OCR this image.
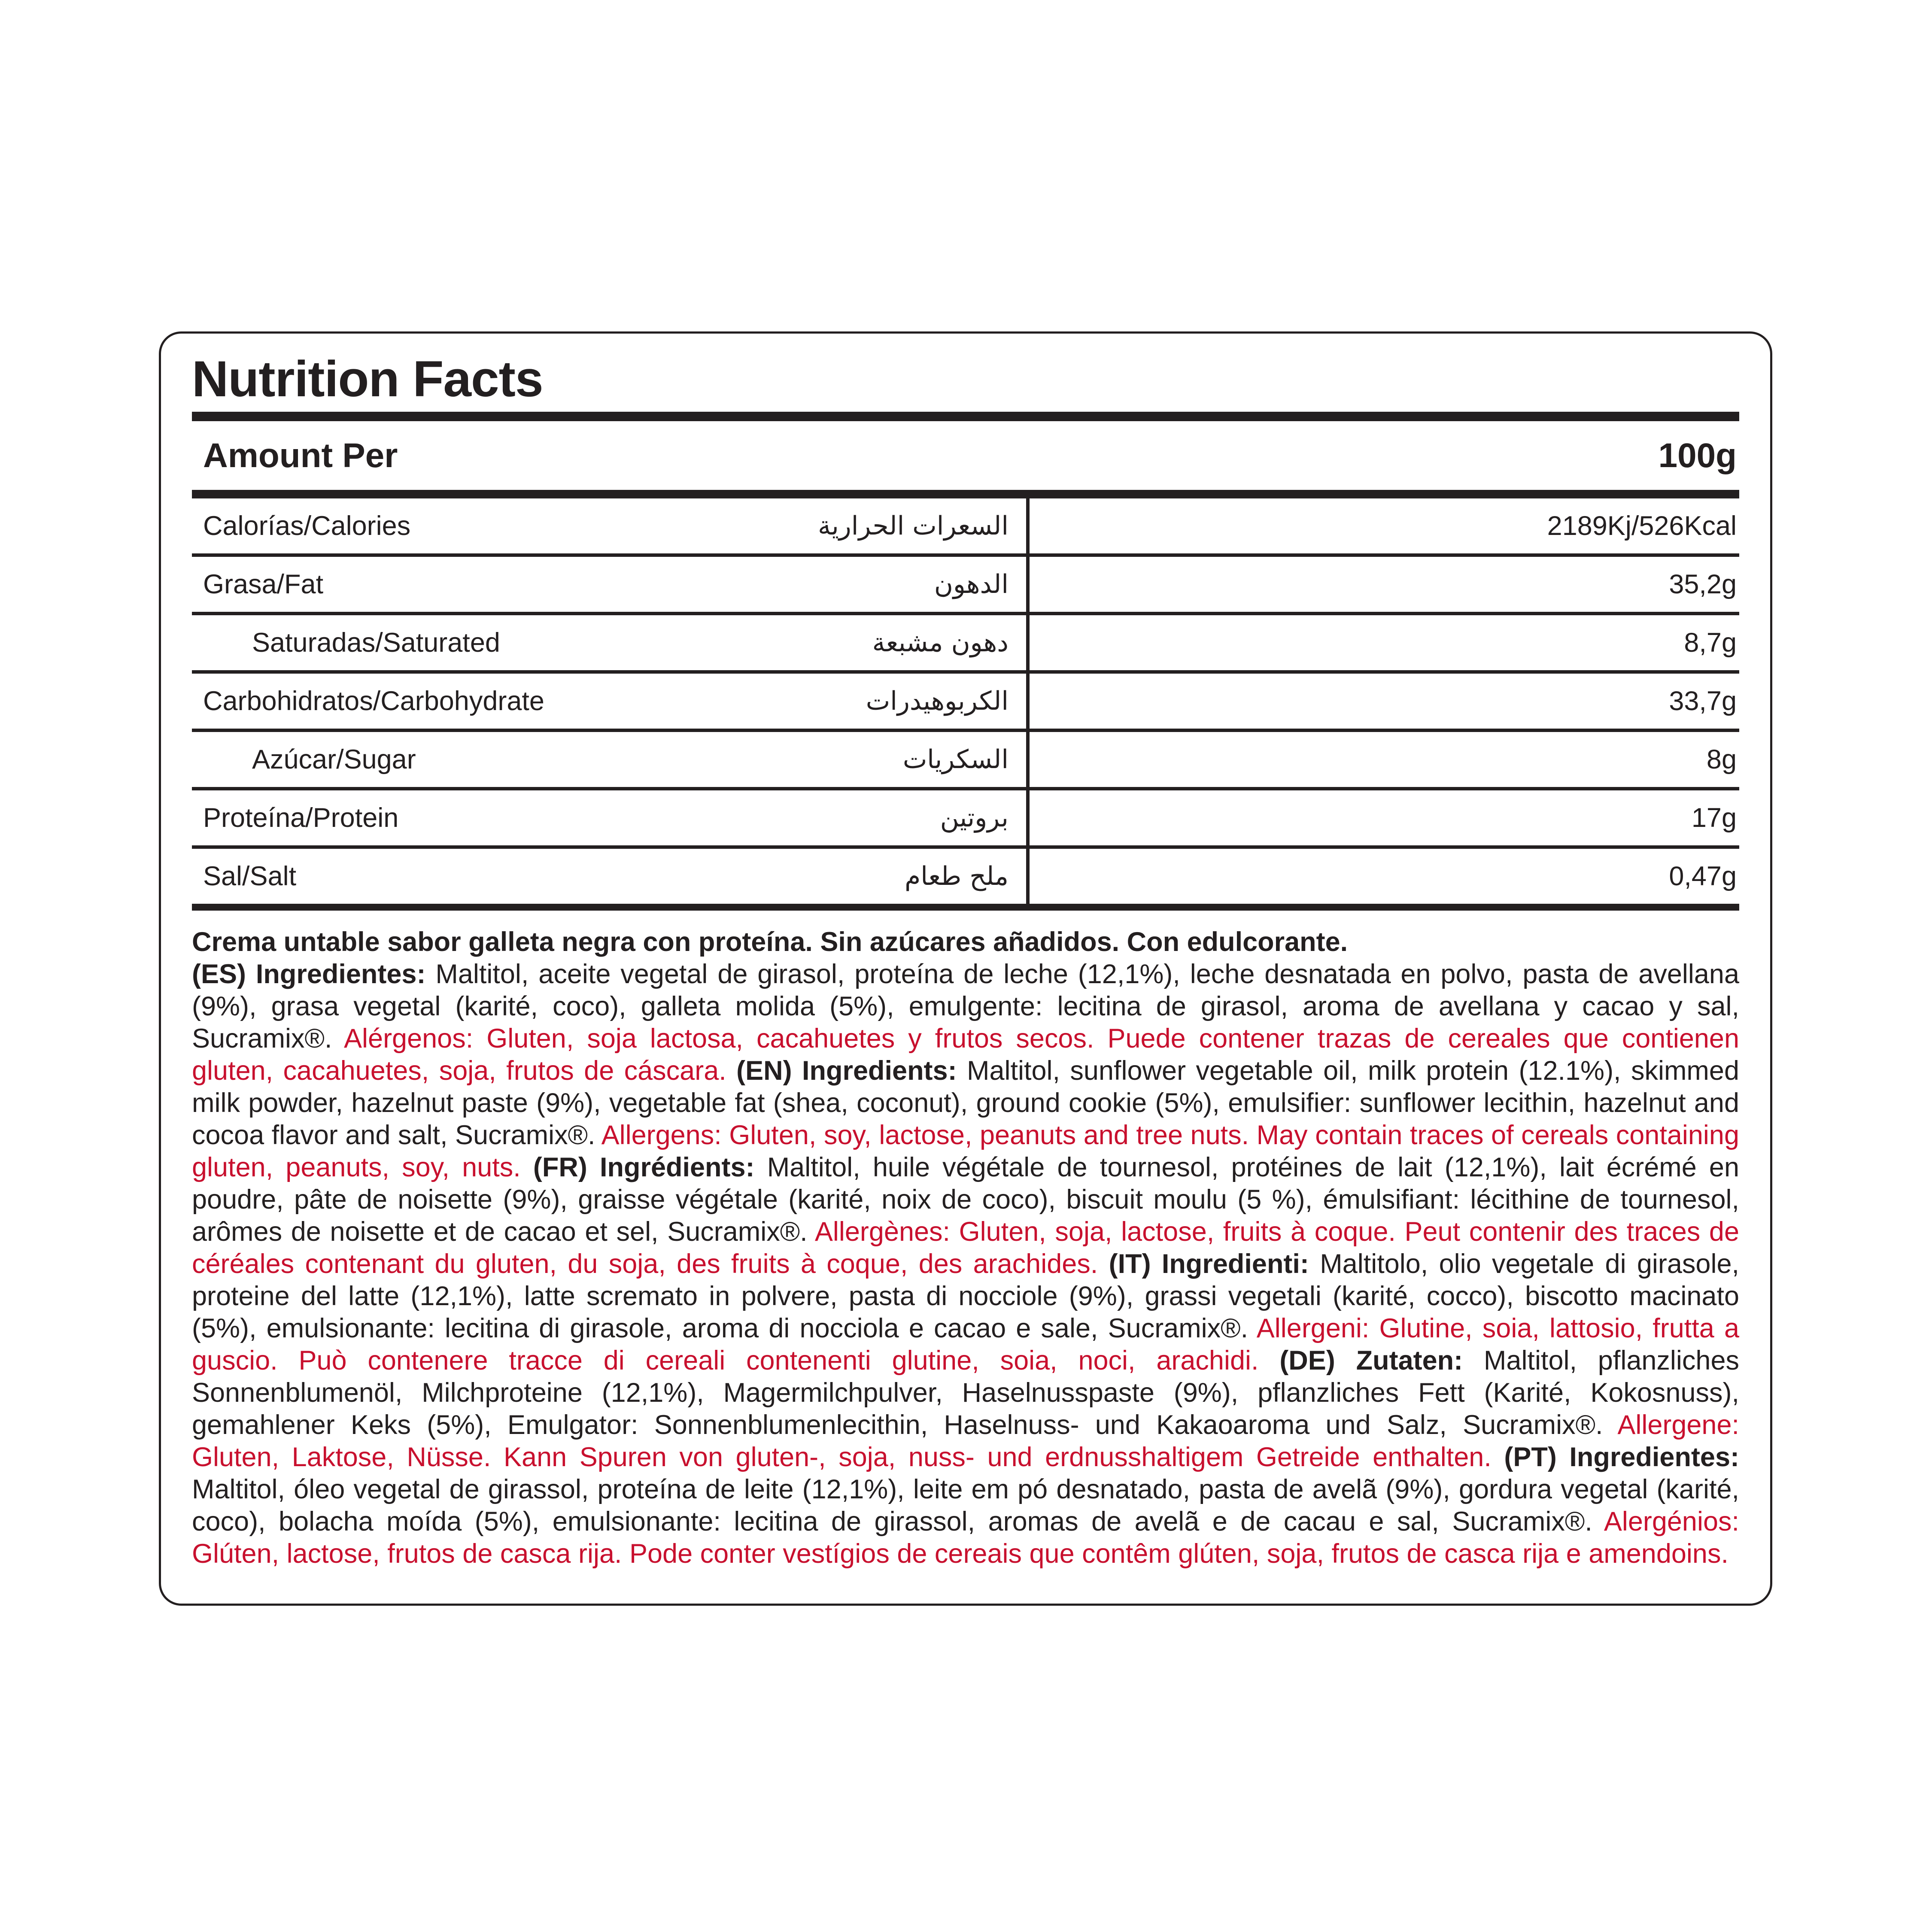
Nutrition Facts
Amount Per	100g
Calorías/Calories	السعرات الحرارية	2189Kj/526Kcal
Grasa/Fat	الدهون	35,2g
Saturadas/Saturated	دهون مشبعة	8,7g
Carbohidratos/Carbohydrate	الكربوهيدرات	33,7g
Azúcar/Sugar	السكريات	8g
Proteína/Protein	بروتين	17g
Sal/Salt	ملح طعام	0,47g
Crema untable sabor galleta negra con proteína. Sin azúcares añadidos. Con edulcorante.

(ES) Ingredientes: Maltitol, aceite vegetal de girasol, proteína de leche (12,1%), leche desnatada en polvo, pasta de avellana (9%), grasa vegetal (karité, coco), galleta molida (5%), emulgente: lecitina de girasol, aroma de avellana y cacao y sal, Sucramix®. Alérgenos: Gluten, soja lactosa, cacahuetes y frutos secos. Puede contener trazas de cereales que contienen gluten, cacahuetes, soja, frutos de cáscara. (EN) Ingredients: Maltitol, sunflower vegetable oil, milk protein (12.1%), skimmed milk powder, hazelnut paste (9%), vegetable fat (shea, coconut), ground cookie (5%), emulsifier: sunflower lecithin, hazelnut and cocoa flavor and salt, Sucramix®. Allergens: Gluten, soy, lactose, peanuts and tree nuts. May contain traces of cereals containing gluten, peanuts, soy, nuts. (FR) Ingrédients: Maltitol, huile végétale de tournesol, protéines de lait (12,1%), lait écrémé en poudre, pâte de noisette (9%), graisse végétale (karité, noix de coco), biscuit moulu (5 %), émulsifiant: lécithine de tournesol, arômes de noisette et de cacao et sel, Sucramix®. Allergènes: Gluten, soja, lactose, fruits à coque. Peut contenir des traces de céréales contenant du gluten, du soja, des fruits à coque, des arachides. (IT) Ingredienti: Maltitolo, olio vegetale di girasole, proteine del latte (12,1%), latte scremato in polvere, pasta di nocciole (9%), grassi vegetali (karité, cocco), biscotto macinato (5%), emulsionante: lecitina di girasole, aroma di nocciola e cacao e sale, Sucramix®. Allergeni: Glutine, soia, lattosio, frutta a guscio. Può contenere tracce di cereali contenenti glutine, soia, noci, arachidi. (DE) Zutaten: Maltitol, pflanzliches Sonnenblumenöl, Milchproteine (12,1%), Magermilchpulver, Haselnusspaste (9%), pflanzliches Fett (Karité, Kokosnuss), gemahlener Keks (5%), Emulgator: Sonnenblumenlecithin, Haselnuss- und Kakaoaroma und Salz, Sucramix®. Allergene: Gluten, Laktose, Nüsse. Kann Spuren von gluten-, soja, nuss- und erdnusshaltigem Getreide enthalten. (PT) Ingredientes: Maltitol, óleo vegetal de girassol, proteína de leite (12,1%), leite em pó desnatado, pasta de avelã (9%), gordura vegetal (karité, coco), bolacha moída (5%), emulsionante: lecitina de girassol, aromas de avelã e de cacau e sal, Sucramix®. Alergénios: Glúten, lactose, frutos de casca rija. Pode conter vestígios de cereais que contêm glúten, soja, frutos de casca rija e amendoins.
